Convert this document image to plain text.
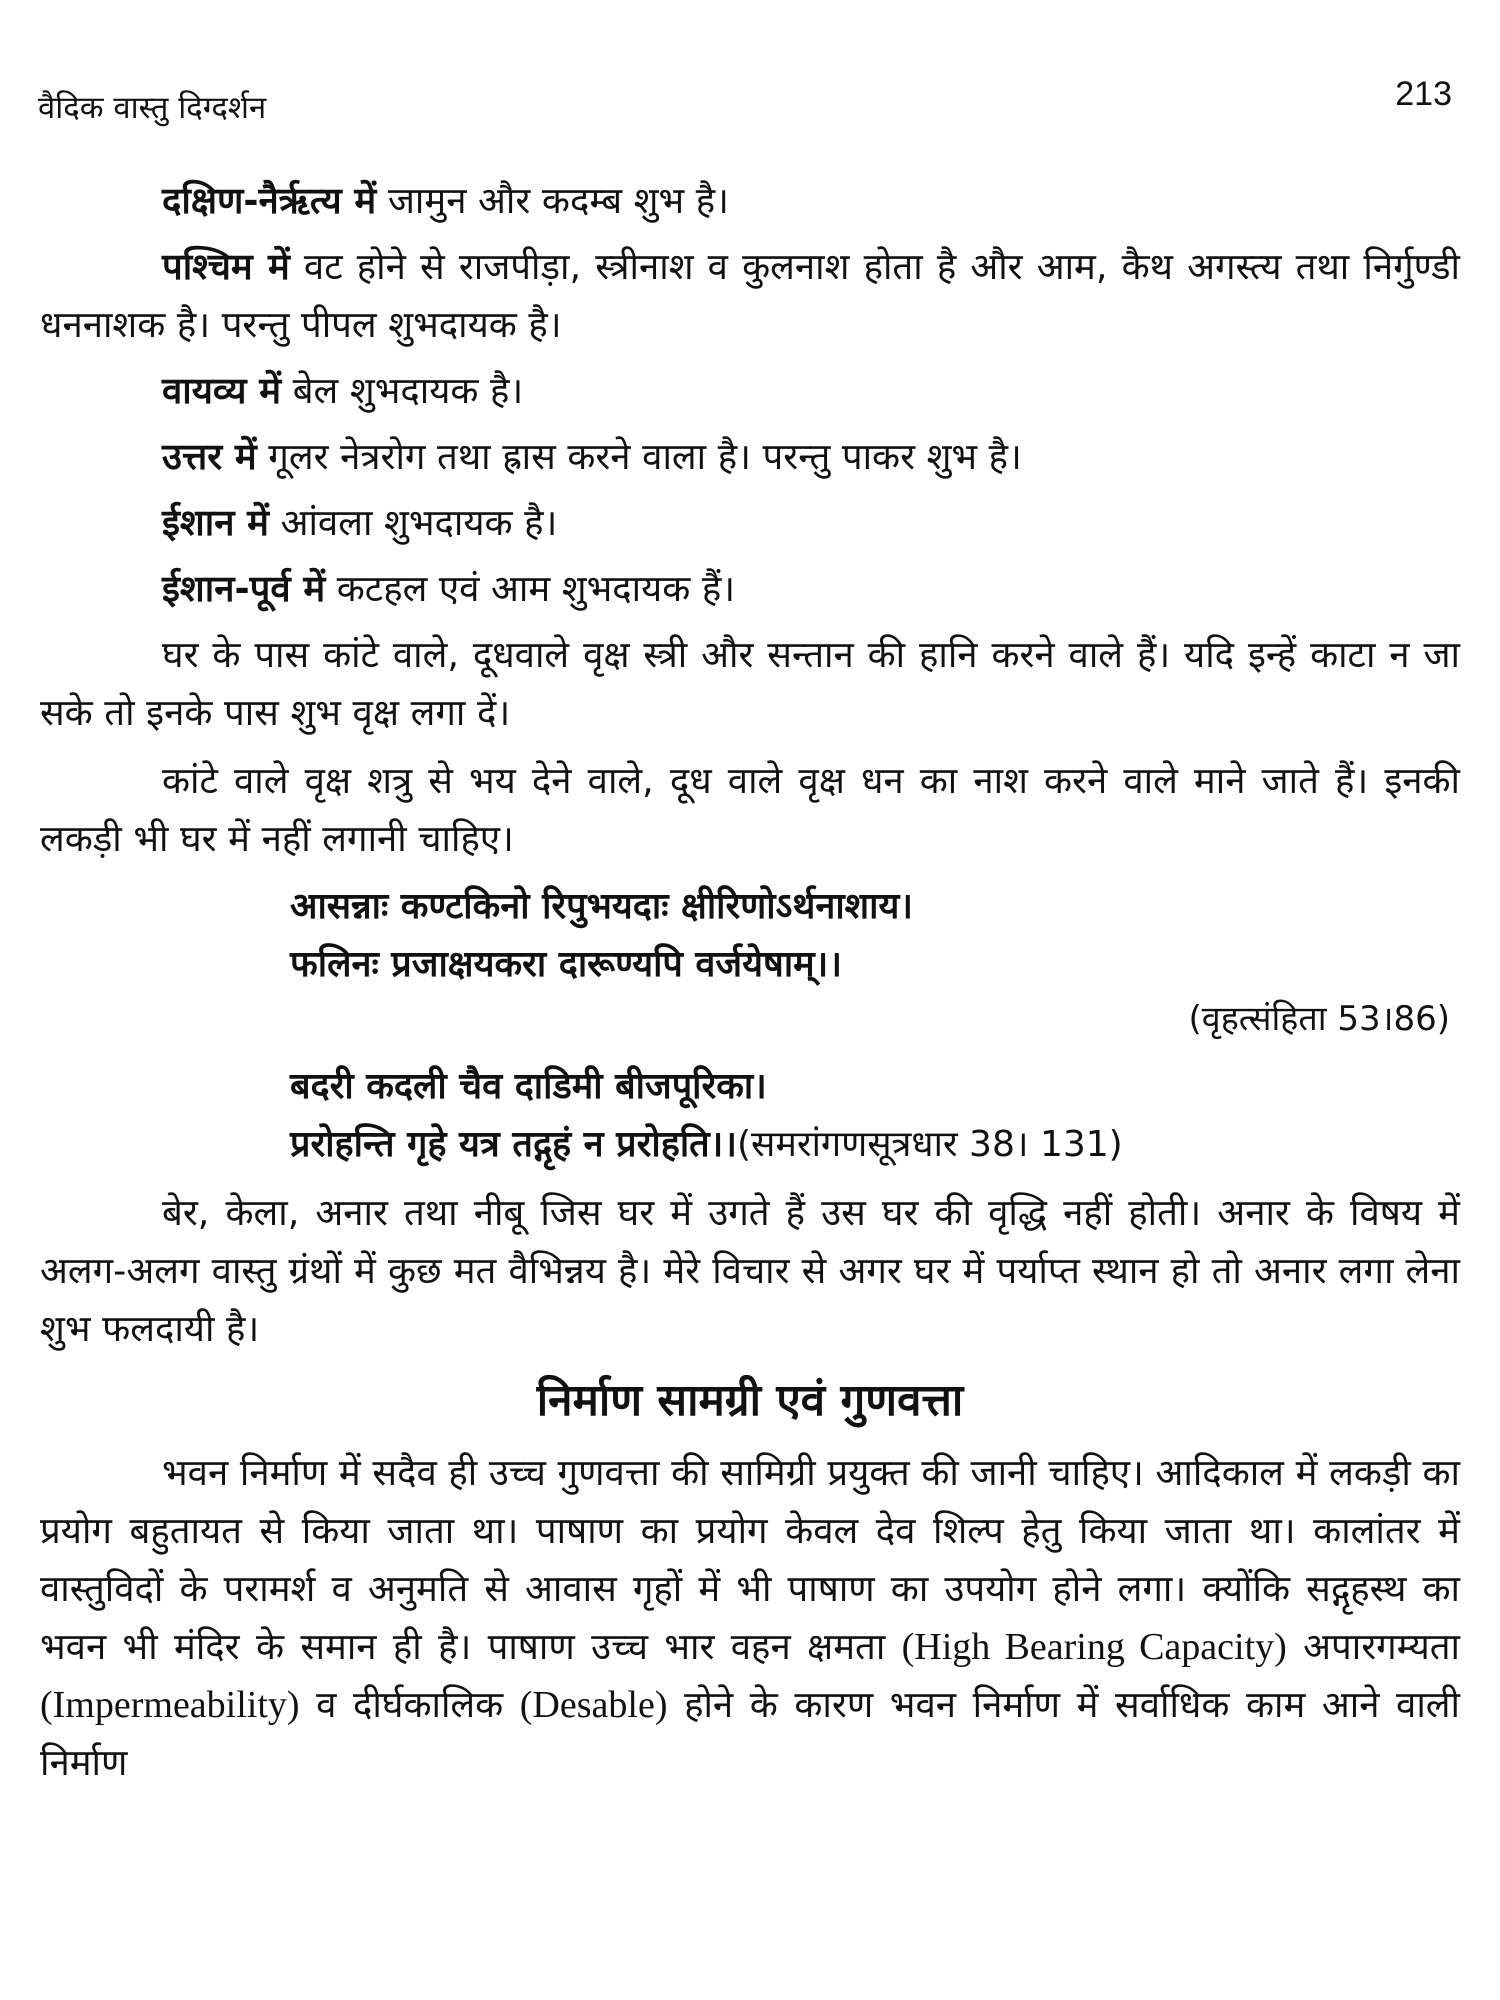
वैदिक वास्तु दिग्दर्शन	213

दक्षिण-नैर्ऋत्य में जामुन और कदम्ब शुभ है।

पश्चिम में वट होने से राजपीड़ा, स्त्रीनाश व कुलनाश होता है और आम, कैथ अगस्त्य तथा निर्गुण्डी धननाशक है। परन्तु पीपल शुभदायक है।

वायव्य में बेल शुभदायक है।

उत्तर में गूलर नेत्ररोग तथा ह्रास करने वाला है। परन्तु पाकर शुभ है।

ईशान में आंवला शुभदायक है।

ईशान-पूर्व में कटहल एवं आम शुभदायक हैं।

घर के पास कांटे वाले, दूधवाले वृक्ष स्त्री और सन्तान की हानि करने वाले हैं। यदि इन्हें काटा न जा सके तो इनके पास शुभ वृक्ष लगा दें।

कांटे वाले वृक्ष शत्रु से भय देने वाले, दूध वाले वृक्ष धन का नाश करने वाले माने जाते हैं। इनकी लकड़ी भी घर में नहीं लगानी चाहिए।

आसन्नाः कण्टकिनो रिपुभयदाः क्षीरिणोऽर्थनाशाय।
फलिनः प्रजाक्षयकरा दारूण्यपि वर्जयेषाम्।।
(वृहत्संहिता 53।86)
बदरी कदली चैव दाडिमी बीजपूरिका।
प्ररोहन्ति गृहे यत्र तद्गृहं न प्ररोहति।।(समरांगणसूत्रधार 38। 131)

बेर, केला, अनार तथा नीबू जिस घर में उगते हैं उस घर की वृद्धि नहीं होती। अनार के विषय में अलग-अलग वास्तु ग्रंथों में कुछ मत वैभिन्नय है। मेरे विचार से अगर घर में पर्याप्त स्थान हो तो अनार लगा लेना शुभ फलदायी है।

निर्माण सामग्री एवं गुणवत्ता

भवन निर्माण में सदैव ही उच्च गुणवत्ता की सामिग्री प्रयुक्त की जानी चाहिए। आदिकाल में लकड़ी का प्रयोग बहुतायत से किया जाता था। पाषाण का प्रयोग केवल देव शिल्प हेतु किया जाता था। कालांतर में वास्तुविदों के परामर्श व अनुमति से आवास गृहों में भी पाषाण का उपयोग होने लगा। क्योंकि सद्गृहस्थ का भवन भी मंदिर के समान ही है। पाषाण उच्च भार वहन क्षमता (High Bearing Capacity) अपारगम्यता (Impermeability) व दीर्घकालिक (Desable) होने के कारण भवन निर्माण में सर्वाधिक काम आने वाली निर्माण
